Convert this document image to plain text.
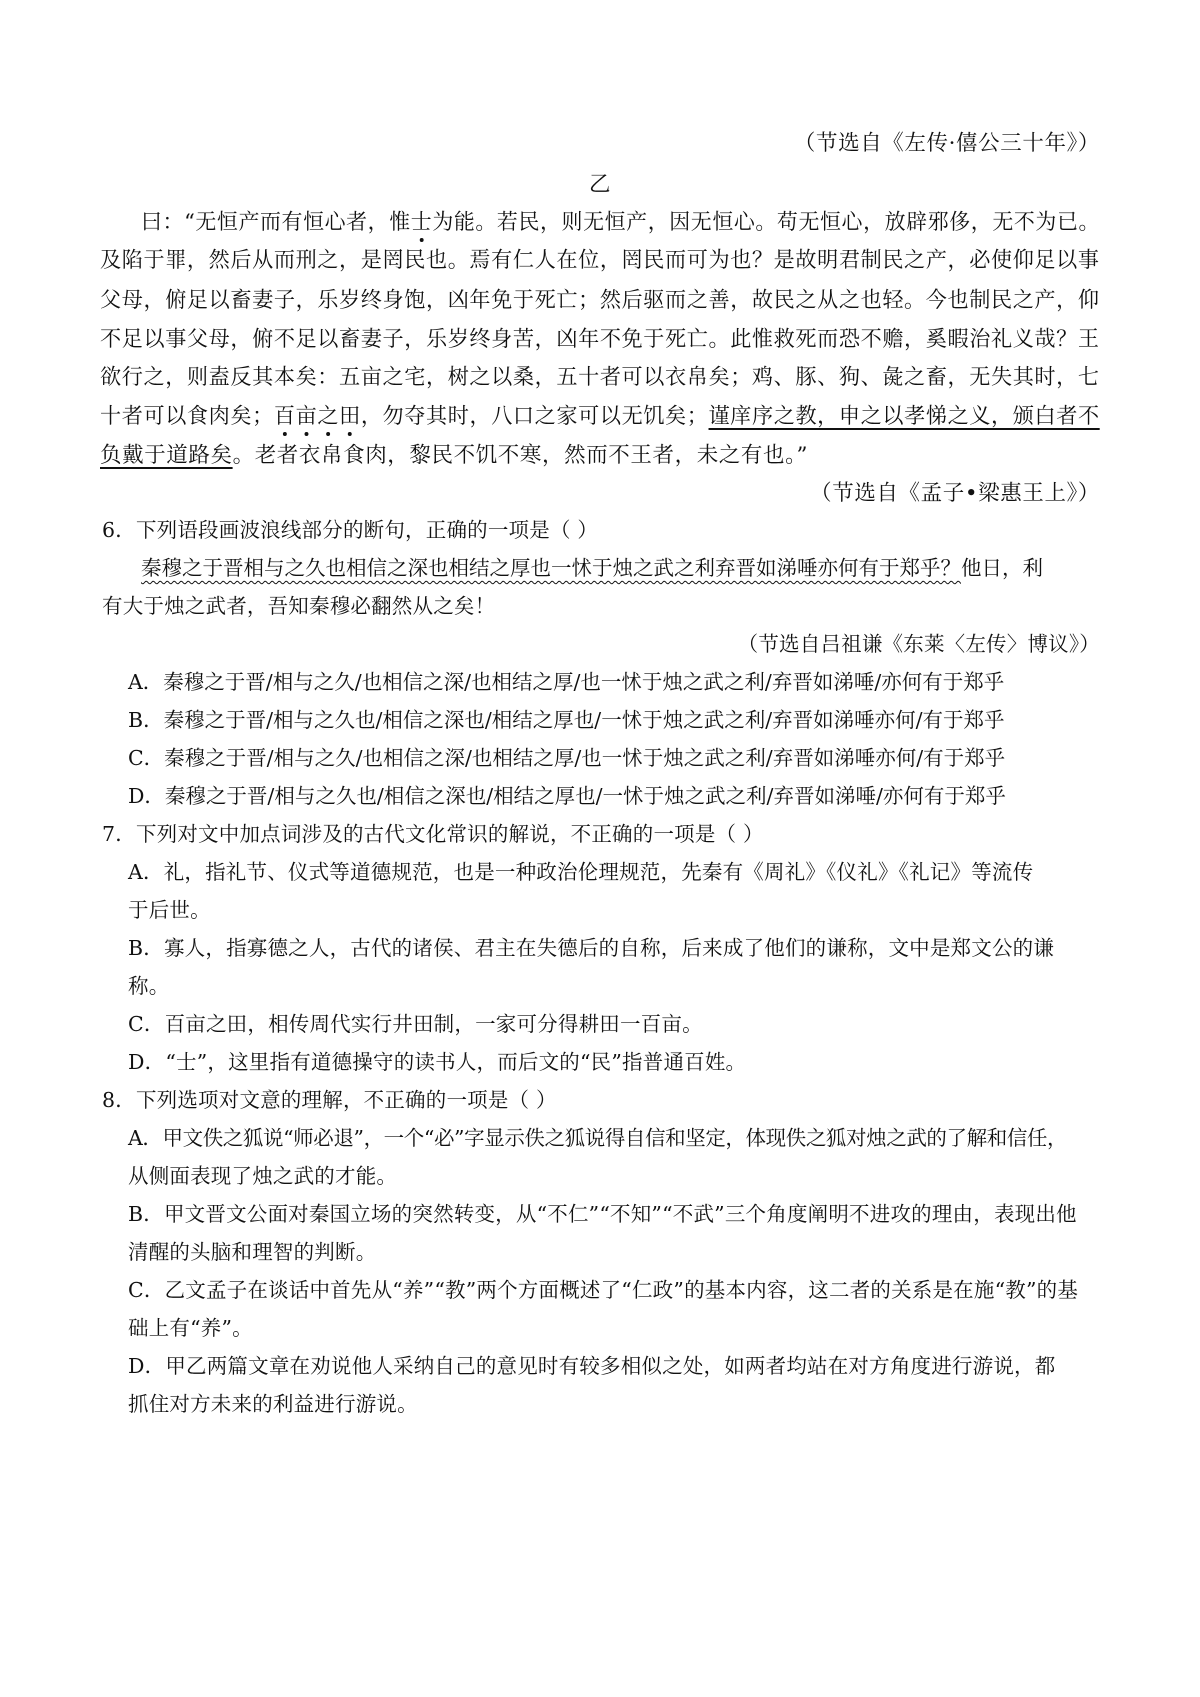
（节选自《左传·僖公三十年》）
乙
曰：“无恒产而有恒心者，惟士为能。若民，则无恒产，因无恒心。苟无恒心，放辟邪侈，无不为已。
及陷于罪，然后从而刑之，是罔民也。焉有仁人在位，罔民而可为也？是故明君制民之产，必使仰足以事
父母，俯足以畜妻子，乐岁终身饱，凶年免于死亡；然后驱而之善，故民之从之也轻。今也制民之产，仰
不足以事父母，俯不足以畜妻子，乐岁终身苦，凶年不免于死亡。此惟救死而恐不赡，奚暇治礼义哉？王
欲行之，则盍反其本矣：五亩之宅，树之以桑，五十者可以衣帛矣；鸡、豚、狗、彘之畜，无失其时，七
十者可以食肉矣；百亩之田，勿夺其时，八口之家可以无饥矣；谨庠序之教，申之以孝悌之义，颁白者不
负戴于道路矣。老者衣帛食肉，黎民不饥不寒，然而不王者，未之有也。”
（节选自《孟子•梁惠王上》）
6．下列语段画波浪线部分的断句，正确的一项是（ ）
秦穆之于晋相与之久也相信之深也相结之厚也一怵于烛之武之利弃晋如涕唾亦何有于郑乎？他日，利
有大于烛之武者，吾知秦穆必翻然从之矣！
（节选自吕祖谦《东莱〈左传〉博议》）
A．秦穆之于晋/相与之久/也相信之深/也相结之厚/也一怵于烛之武之利/弃晋如涕唾/亦何有于郑乎
B．秦穆之于晋/相与之久也/相信之深也/相结之厚也/一怵于烛之武之利/弃晋如涕唾亦何/有于郑乎
C．秦穆之于晋/相与之久/也相信之深/也相结之厚/也一怵于烛之武之利/弃晋如涕唾亦何/有于郑乎
D．秦穆之于晋/相与之久也/相信之深也/相结之厚也/一怵于烛之武之利/弃晋如涕唾/亦何有于郑乎
7．下列对文中加点词涉及的古代文化常识的解说，不正确的一项是（ ）
A．礼，指礼节、仪式等道德规范，也是一种政治伦理规范，先秦有《周礼》《仪礼》《礼记》等流传
于后世。
B．寡人，指寡德之人，古代的诸侯、君主在失德后的自称，后来成了他们的谦称，文中是郑文公的谦
称。
C．百亩之田，相传周代实行井田制，一家可分得耕田一百亩。
D．“士”，这里指有道德操守的读书人，而后文的“民”指普通百姓。
8．下列选项对文意的理解，不正确的一项是（ ）
A．甲文佚之狐说“师必退”，一个“必”字显示佚之狐说得自信和坚定，体现佚之狐对烛之武的了解和信任，
从侧面表现了烛之武的才能。
B．甲文晋文公面对秦国立场的突然转变，从“不仁”“不知”“不武”三个角度阐明不进攻的理由，表现出他
清醒的头脑和理智的判断。
C．乙文孟子在谈话中首先从“养”“教”两个方面概述了“仁政”的基本内容，这二者的关系是在施“教”的基
础上有“养”。
D．甲乙两篇文章在劝说他人采纳自己的意见时有较多相似之处，如两者均站在对方角度进行游说，都
抓住对方未来的利益进行游说。
